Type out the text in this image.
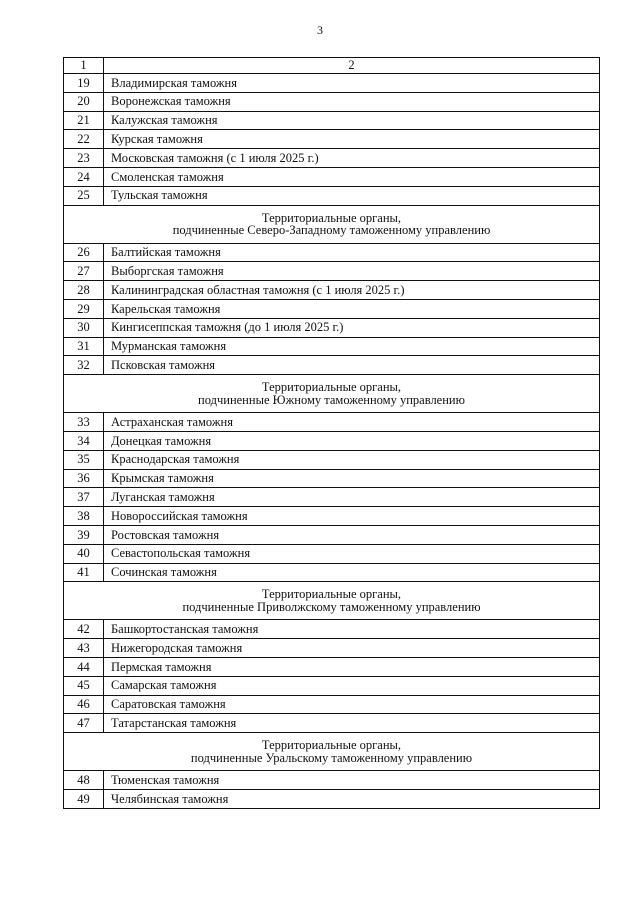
3
1	2
19	Владимирская таможня
20	Воронежская таможня
21	Калужская таможня
22	Курская таможня
23	Московская таможня (с 1 июля 2025 г.)
24	Смоленская таможня
25	Тульская таможня
Территориальные органы,
подчиненные Северо-Западному таможенному управлению	
26	Балтийская таможня
27	Выборгская таможня
28	Калининградская областная таможня (с 1 июля 2025 г.)
29	Карельская таможня
30	Кингисеппская таможня (до 1 июля 2025 г.)
31	Мурманская таможня
32	Псковская таможня
Территориальные органы,
подчиненные Южному таможенному управлению	
33	Астраханская таможня
34	Донецкая таможня
35	Краснодарская таможня
36	Крымская таможня
37	Луганская таможня
38	Новороссийская таможня
39	Ростовская таможня
40	Севастопольская таможня
41	Сочинская таможня
Территориальные органы,
подчиненные Приволжскому таможенному управлению	
42	Башкортостанская таможня
43	Нижегородская таможня
44	Пермская таможня
45	Самарская таможня
46	Саратовская таможня
47	Татарстанская таможня
Территориальные органы,
подчиненные Уральскому таможенному управлению	
48	Тюменская таможня
49	Челябинская таможня
